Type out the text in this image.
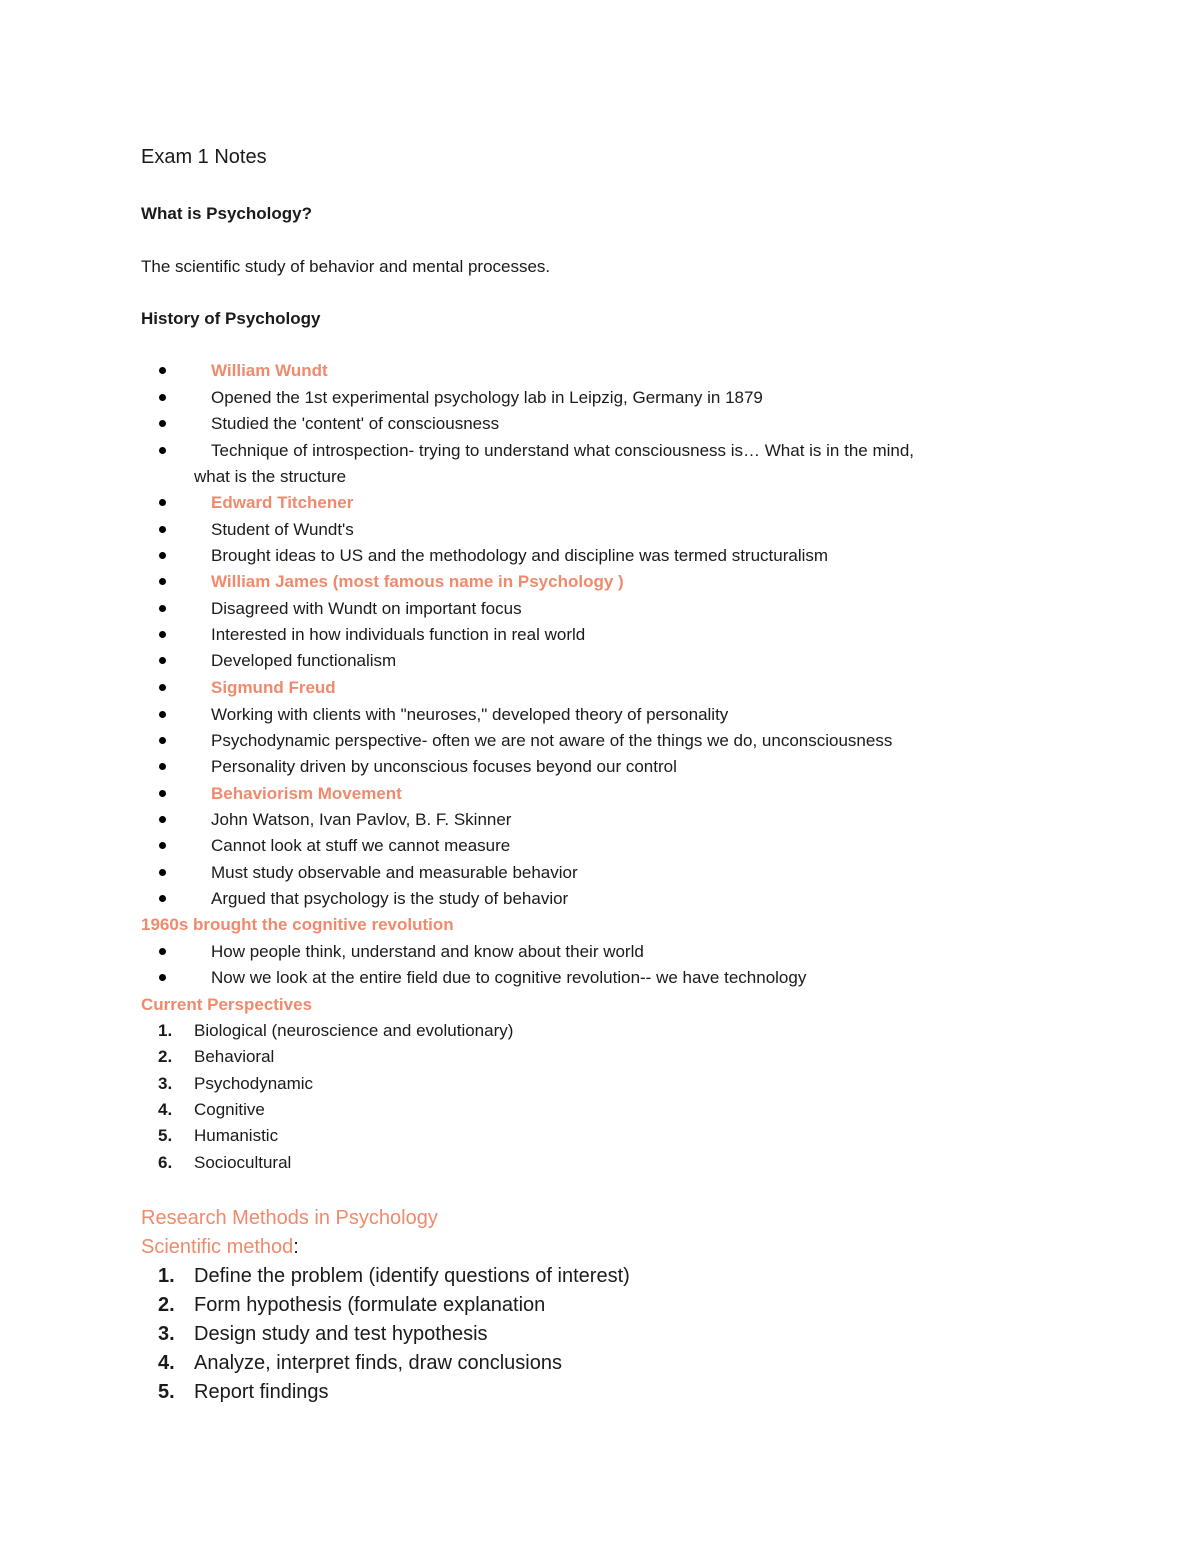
Exam 1 Notes
What is Psychology?
The scientific study of behavior and mental processes.
History of Psychology
1960s brought the cognitive revolution
Current Perspectives
Research Methods in Psychology
Scientific method:
William Wundt
Opened the 1st experimental psychology lab in Leipzig, Germany in 1879
Studied the 'content' of consciousness
Technique of introspection- trying to understand what consciousness is… What is in the mind,
what is the structure
Edward Titchener
Student of Wundt's
Brought ideas to US and the methodology and discipline was termed structuralism
William James (most famous name in Psychology )
Disagreed with Wundt on important focus
Interested in how individuals function in real world
Developed functionalism
Sigmund Freud
Working with clients with "neuroses," developed theory of personality
Psychodynamic perspective- often we are not aware of the things we do, unconsciousness
Personality driven by unconscious focuses beyond our control
Behaviorism Movement
John Watson, Ivan Pavlov, B. F. Skinner
Cannot look at stuff we cannot measure
Must study observable and measurable behavior
Argued that psychology is the study of behavior
How people think, understand and know about their world
Now we look at the entire field due to cognitive revolution-- we have technology
1.	Biological (neuroscience and evolutionary)
2.	Behavioral
3.	Psychodynamic
4.	Cognitive
5.	Humanistic
6.	Sociocultural
1. Define the problem (identify questions of interest)
2. Form hypothesis (formulate explanation
3. Design study and test hypothesis
4. Analyze, interpret finds, draw conclusions
5. Report findings
